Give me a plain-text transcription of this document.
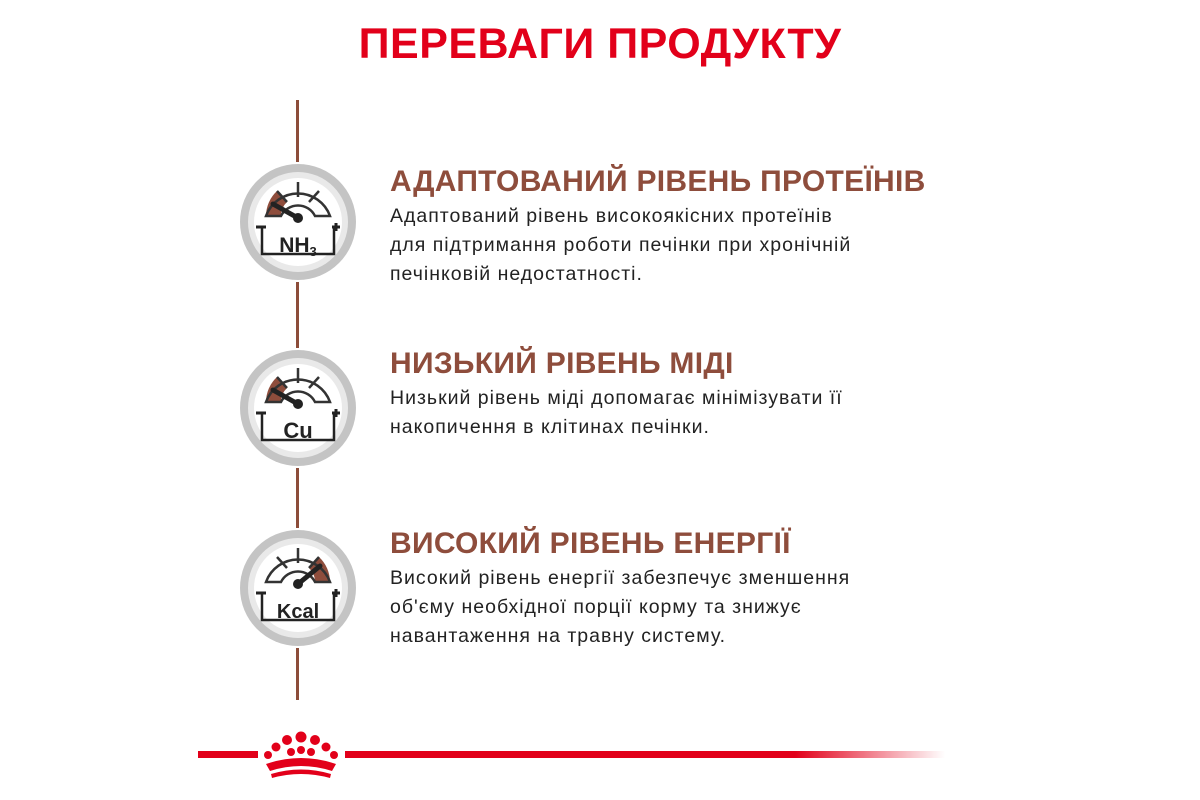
ПЕРЕВАГИ ПРОДУКТУ
NH3
АДАПТОВАНИЙ РІВЕНЬ ПРОТЕЇНІВ

Адаптований рівень високоякісних протеїнів
для підтримання роботи печінки при хронічній
печінковій недостатності.

Cu
НИЗЬКИЙ РІВЕНЬ МІДІ

Низький рівень міді допомагає мінімізувати її
накопичення в клітинах печінки.

Kcal
ВИСОКИЙ РІВЕНЬ ЕНЕРГІЇ

Високий рівень енергії забезпечує зменшення
об'єму необхідної порції корму та знижує
навантаження на травну систему.
